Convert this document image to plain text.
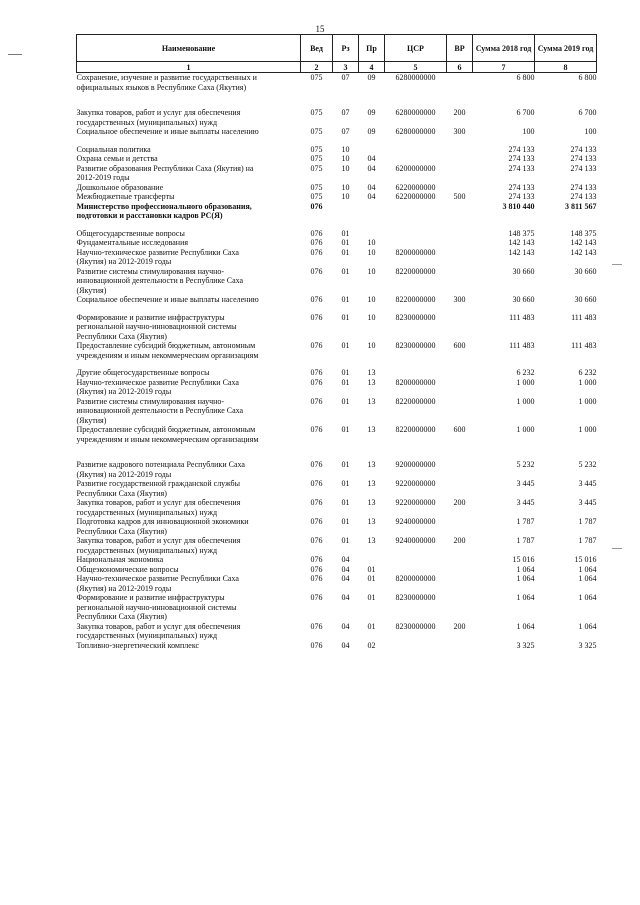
15
Наименование	Вед	Рз	Пр	ЦСР	ВР	Сумма 2018 год	Сумма 2019 год
1	2	3	4	5	6	7	8

Сохранение, изучение и развитие государственных и
официальных языков в Республике Саха (Якутия)	075	07	09	6280000000		6 800	6 800

Закупка товаров, работ и услуг для обеспечения
государственных (муниципальных) нужд	075	07	09	6280000000	200	6 700	6 700

Социальное обеспечение и иные выплаты населению	075	07	09	6280000000	300	100	100

Социальная политика	075	10				274 133	274 133

Охрана семьи и детства	075	10	04			274 133	274 133

Развитие образования Республики Саха (Якутия) на
2012-2019 годы	075	10	04	6200000000		274 133	274 133

Дошкольное образование	075	10	04	6220000000		274 133	274 133

Межбюджетные трансферты	075	10	04	6220000000	500	274 133	274 133

Министерство профессионального образования,
подготовки и расстановки кадров РС(Я)	076					3 810 440	3 811 567

Общегосударственные вопросы	076	01				148 375	148 375

Фундаментальные исследования	076	01	10			142 143	142 143

Научно-техническое развитие Республики Саха
(Якутия) на 2012-2019 годы	076	01	10	8200000000		142 143	142 143

Развитие системы стимулирования научно-
инновационной деятельности в Республике Саха
(Якутия)	076	01	10	8220000000		30 660	30 660

Социальное обеспечение и иные выплаты населению	076	01	10	8220000000	300	30 660	30 660

Формирование и развитие инфраструктуры
региональной научно-инновационной системы
Республики Саха (Якутия)	076	01	10	8230000000		111 483	111 483

Предоставление субсидий бюджетным, автономным
учреждениям и иным некоммерческим организациям	076	01	10	8230000000	600	111 483	111 483

Другие общегосударственные вопросы	076	01	13			6 232	6 232

Научно-техническое развитие Республики Саха
(Якутия) на 2012-2019 годы	076	01	13	8200000000		1 000	1 000

Развитие системы стимулирования научно-
инновационной деятельности в Республике Саха
(Якутия)	076	01	13	8220000000		1 000	1 000

Предоставление субсидий бюджетным, автономным
учреждениям и иным некоммерческим организациям	076	01	13	8220000000	600	1 000	1 000

Развитие кадрового потенциала Республики Саха
(Якутия) на 2012-2019 годы	076	01	13	9200000000		5 232	5 232

Развитие государственной гражданской службы
Республики Саха (Якутия)	076	01	13	9220000000		3 445	3 445

Закупка товаров, работ и услуг для обеспечения
государственных (муниципальных) нужд	076	01	13	9220000000	200	3 445	3 445

Подготовка кадров для инновационной экономики
Республики Саха (Якутия)	076	01	13	9240000000		1 787	1 787

Закупка товаров, работ и услуг для обеспечения
государственных (муниципальных) нужд	076	01	13	9240000000	200	1 787	1 787

Национальная экономика	076	04				15 016	15 016

Общеэкономические вопросы	076	04	01			1 064	1 064

Научно-техническое развитие Республики Саха
(Якутия) на 2012-2019 годы	076	04	01	8200000000		1 064	1 064

Формирование и развитие инфраструктуры
региональной научно-инновационной системы
Республики Саха (Якутия)	076	04	01	8230000000		1 064	1 064

Закупка товаров, работ и услуг для обеспечения
государственных (муниципальных) нужд	076	04	01	8230000000	200	1 064	1 064

Топливно-энергетический комплекс	076	04	02			3 325	3 325
